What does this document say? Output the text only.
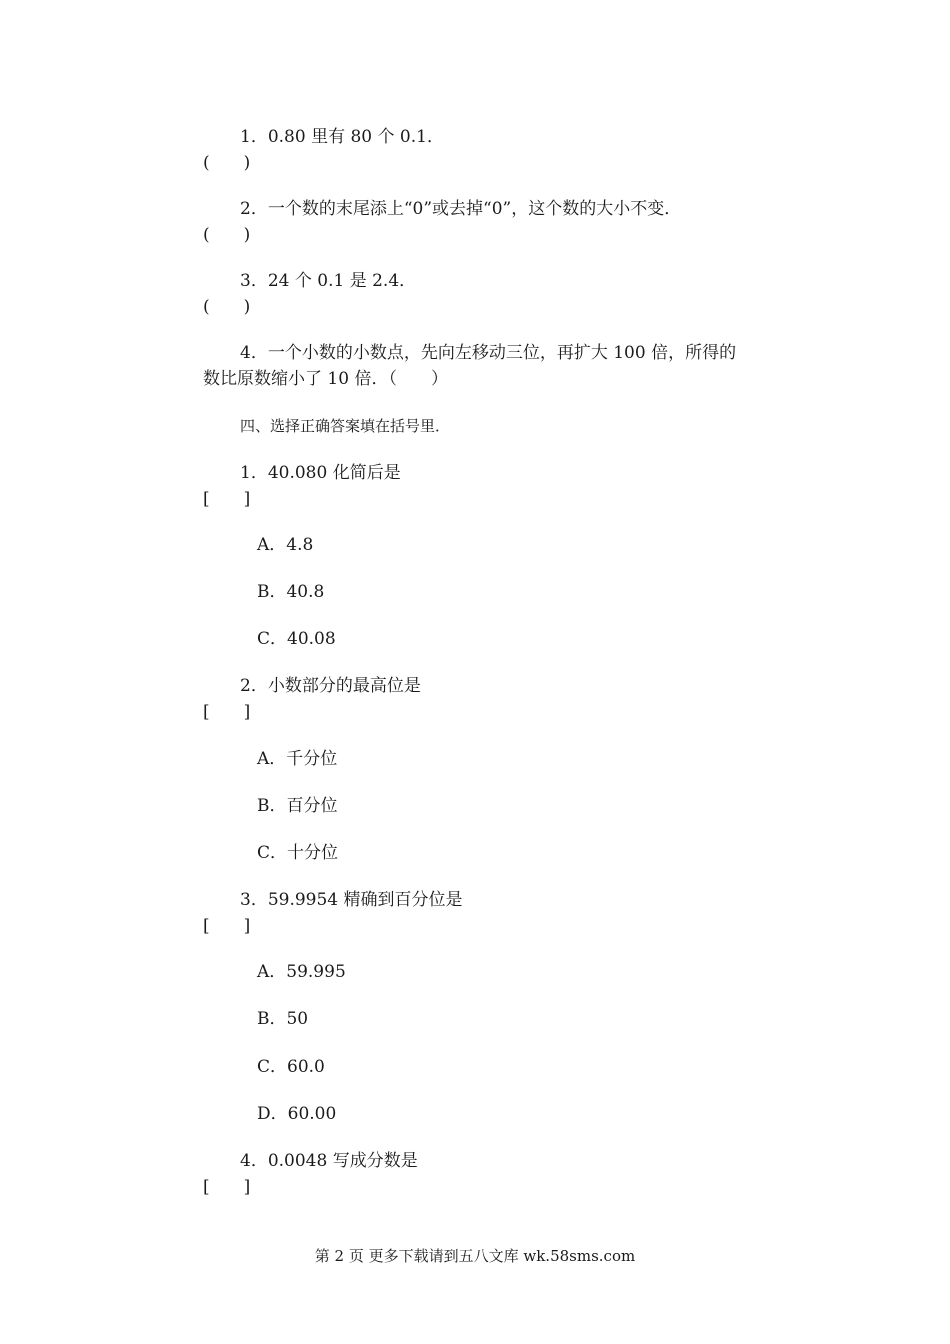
1．0.80 里有 80 个 0.1．
(　　)
2．一个数的末尾添上“0”或去掉“0”，这个数的大小不变．
(　　)
3．24 个 0.1 是 2.4．
(　　)
4．一个小数的小数点，先向左移动三位，再扩大 100 倍，所得的
数比原数缩小了 10 倍．（　　）
四、选择正确答案填在括号里．
1．40.080 化简后是
[　　]
A．4.8
B．40.8
C．40.08
2．小数部分的最高位是
[　　]
A．千分位
B．百分位
C．十分位
3．59.9954 精确到百分位是
[　　]
A．59.995
B．50
C．60.0
D．60.00
4．0.0048 写成分数是
[　　]
第 2 页 更多下载请到五八文库 wk.58sms.com
